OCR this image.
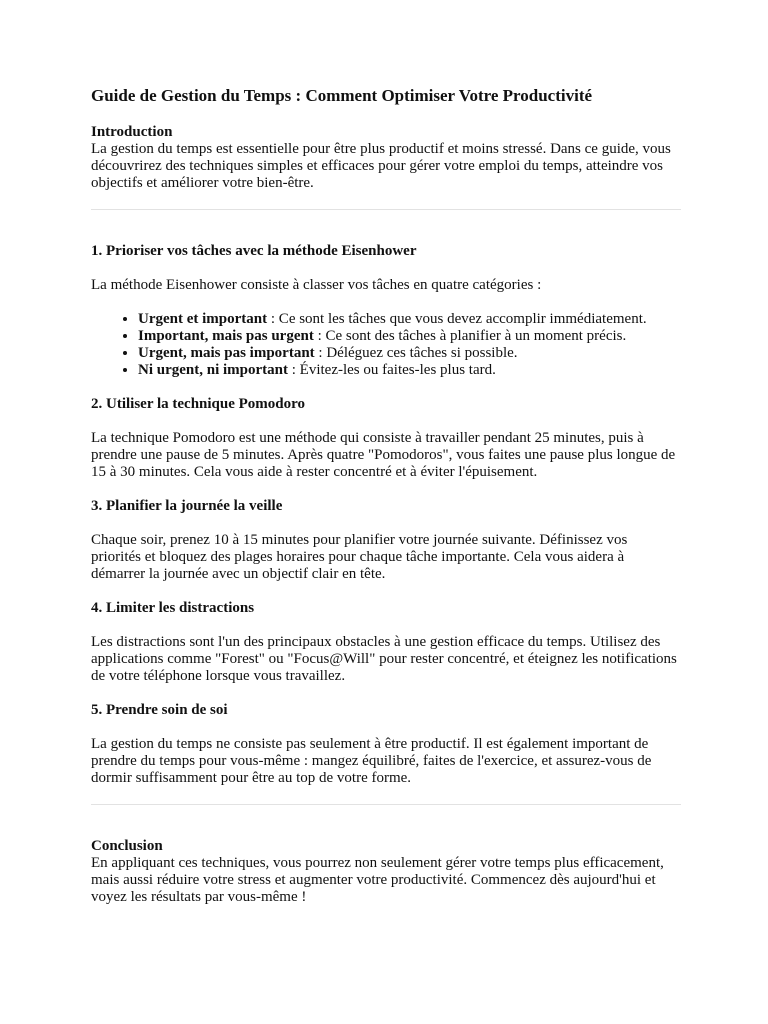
Guide de Gestion du Temps : Comment Optimiser Votre Productivité
Introduction

La gestion du temps est essentielle pour être plus productif et moins stressé. Dans ce guide, vous découvrirez des techniques simples et efficaces pour gérer votre emploi du temps, atteindre vos objectifs et améliorer votre bien-être.

1. Prioriser vos tâches avec la méthode Eisenhower

La méthode Eisenhower consiste à classer vos tâches en quatre catégories :

• Urgent et important : Ce sont les tâches que vous devez accomplir immédiatement.
• Important, mais pas urgent : Ce sont des tâches à planifier à un moment précis.
• Urgent, mais pas important : Déléguez ces tâches si possible.
• Ni urgent, ni important : Évitez-les ou faites-les plus tard.
2. Utiliser la technique Pomodoro

La technique Pomodoro est une méthode qui consiste à travailler pendant 25 minutes, puis à prendre une pause de 5 minutes. Après quatre "Pomodoros", vous faites une pause plus longue de 15 à 30 minutes. Cela vous aide à rester concentré et à éviter l'épuisement.

3. Planifier la journée la veille

Chaque soir, prenez 10 à 15 minutes pour planifier votre journée suivante. Définissez vos priorités et bloquez des plages horaires pour chaque tâche importante. Cela vous aidera à démarrer la journée avec un objectif clair en tête.

4. Limiter les distractions

Les distractions sont l'un des principaux obstacles à une gestion efficace du temps. Utilisez des applications comme "Forest" ou "Focus@Will" pour rester concentré, et éteignez les notifications de votre téléphone lorsque vous travaillez.

5. Prendre soin de soi

La gestion du temps ne consiste pas seulement à être productif. Il est également important de prendre du temps pour vous-même : mangez équilibré, faites de l'exercice, et assurez-vous de dormir suffisamment pour être au top de votre forme.

Conclusion

En appliquant ces techniques, vous pourrez non seulement gérer votre temps plus efficacement, mais aussi réduire votre stress et augmenter votre productivité. Commencez dès aujourd'hui et voyez les résultats par vous-même !
